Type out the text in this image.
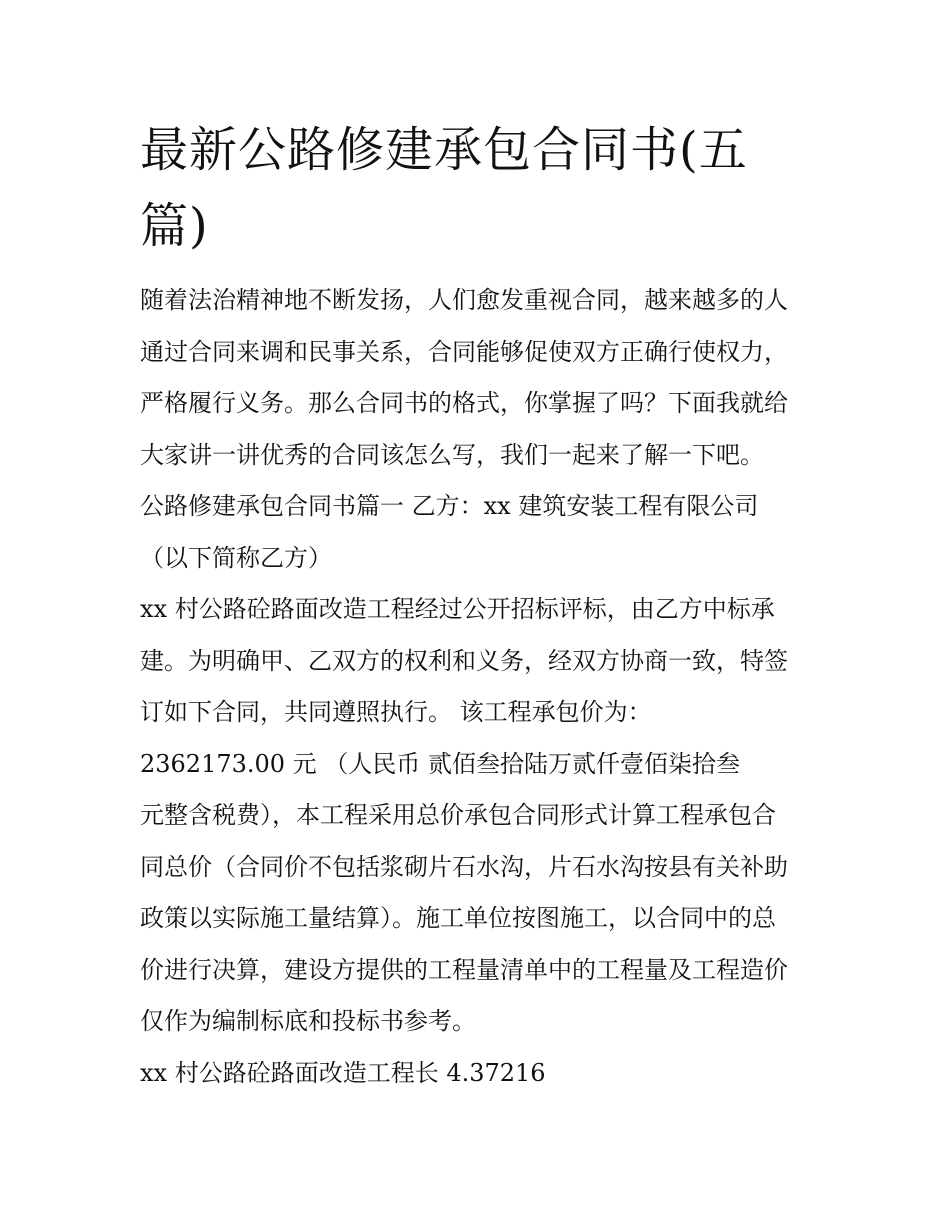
最新公路修建承包合同书(五
篇)
随着法治精神地不断发扬，人们愈发重视合同，越来越多的人
通过合同来调和民事关系，合同能够促使双方正确行使权力，
严格履行义务。那么合同书的格式，你掌握了吗？下面我就给
大家讲一讲优秀的合同该怎么写，我们一起来了解一下吧。
公路修建承包合同书篇一 乙方：xx 建筑安装工程有限公司
（以下简称乙方）
xx 村公路砼路面改造工程经过公开招标评标，由乙方中标承
建。为明确甲、乙双方的权利和义务，经双方协商一致，特签
订如下合同，共同遵照执行。 该工程承包价为：
2362173.00 元 （人民币 贰佰叁拾陆万贰仟壹佰柒拾叁
元整含税费），本工程采用总价承包合同形式计算工程承包合
同总价（合同价不包括浆砌片石水沟，片石水沟按县有关补助
政策以实际施工量结算）。施工单位按图施工，以合同中的总
价进行决算，建设方提供的工程量清单中的工程量及工程造价
仅作为编制标底和投标书参考。
xx 村公路砼路面改造工程长 4.37216
